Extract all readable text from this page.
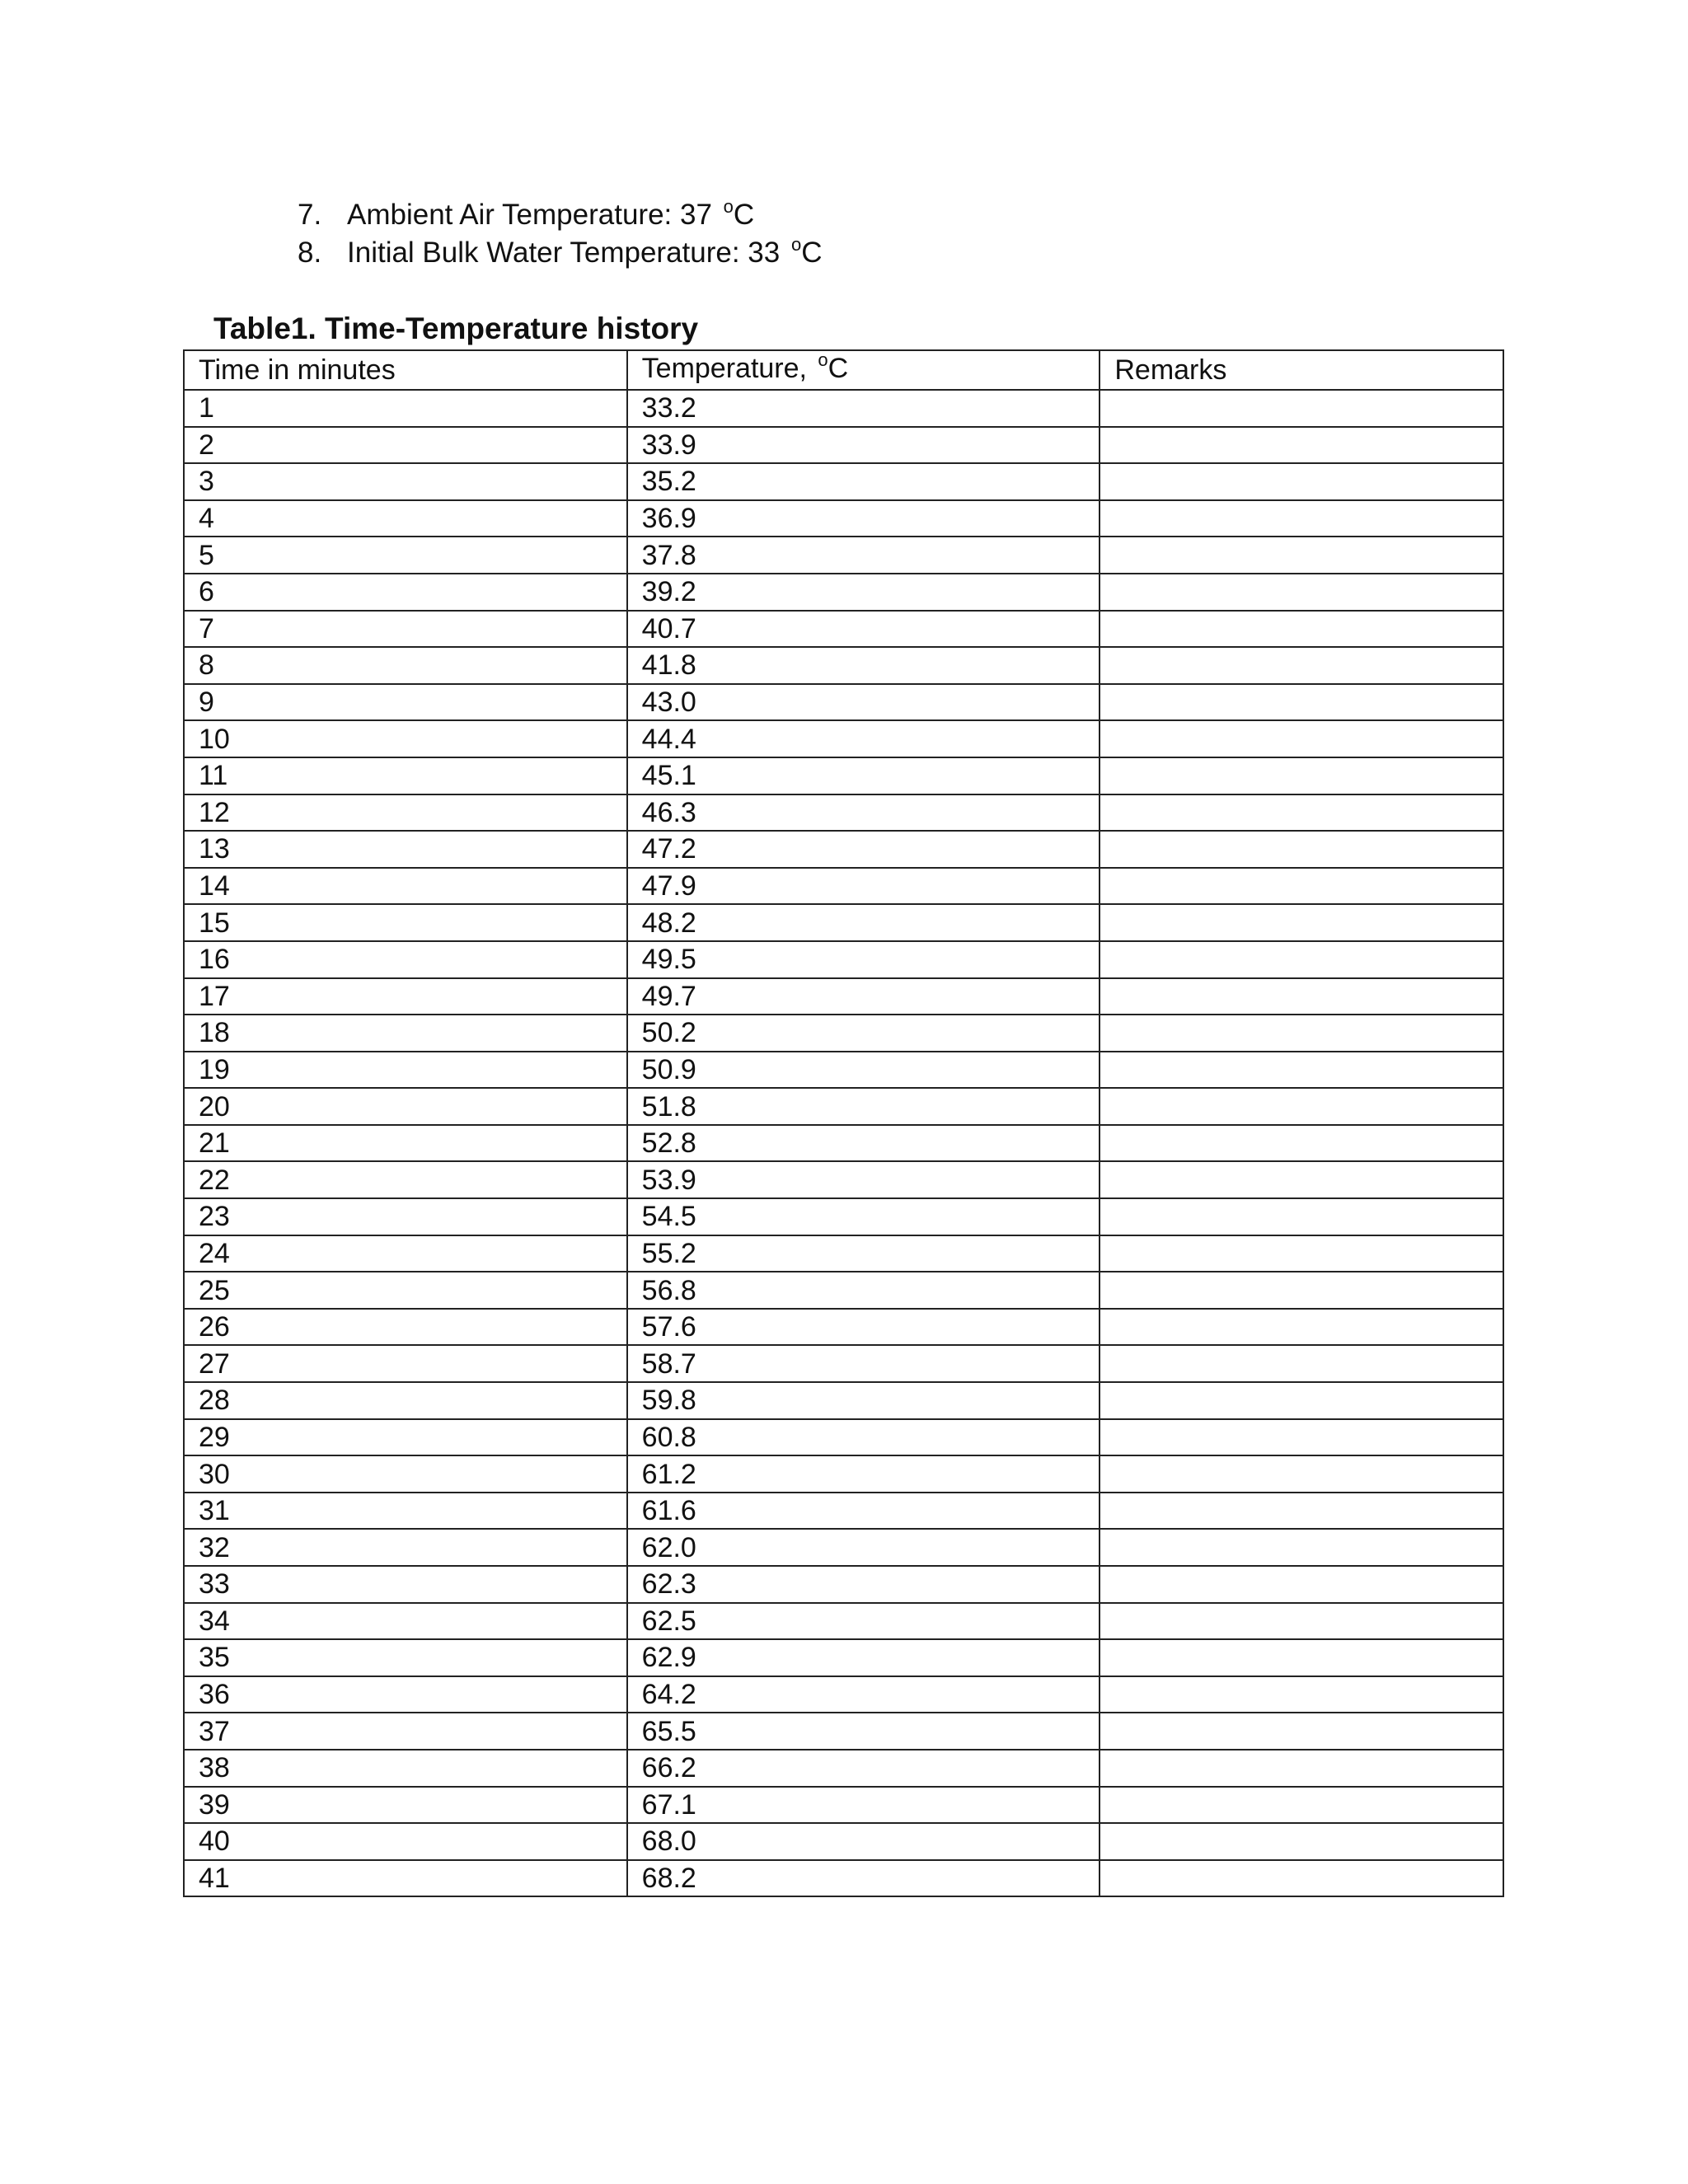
7. Ambient Air Temperature: 37 $^o$C
8. Initial Bulk Water Temperature: 33 $^o$C

Table1. Time-Temperature history

Time in minutes	Temperature, $^o$C	Remarks
1	33.2	
2	33.9	
3	35.2	
4	36.9	
5	37.8	
6	39.2	
7	40.7	
8	41.8	
9	43.0	
10	44.4	
11	45.1	
12	46.3	
13	47.2	
14	47.9	
15	48.2	
16	49.5	
17	49.7	
18	50.2	
19	50.9	
20	51.8	
21	52.8	
22	53.9	
23	54.5	
24	55.2	
25	56.8	
26	57.6	
27	58.7	
28	59.8	
29	60.8	
30	61.2	
31	61.6	
32	62.0	
33	62.3	
34	62.5	
35	62.9	
36	64.2	
37	65.5	
38	66.2	
39	67.1	
40	68.0	
41	68.2	
